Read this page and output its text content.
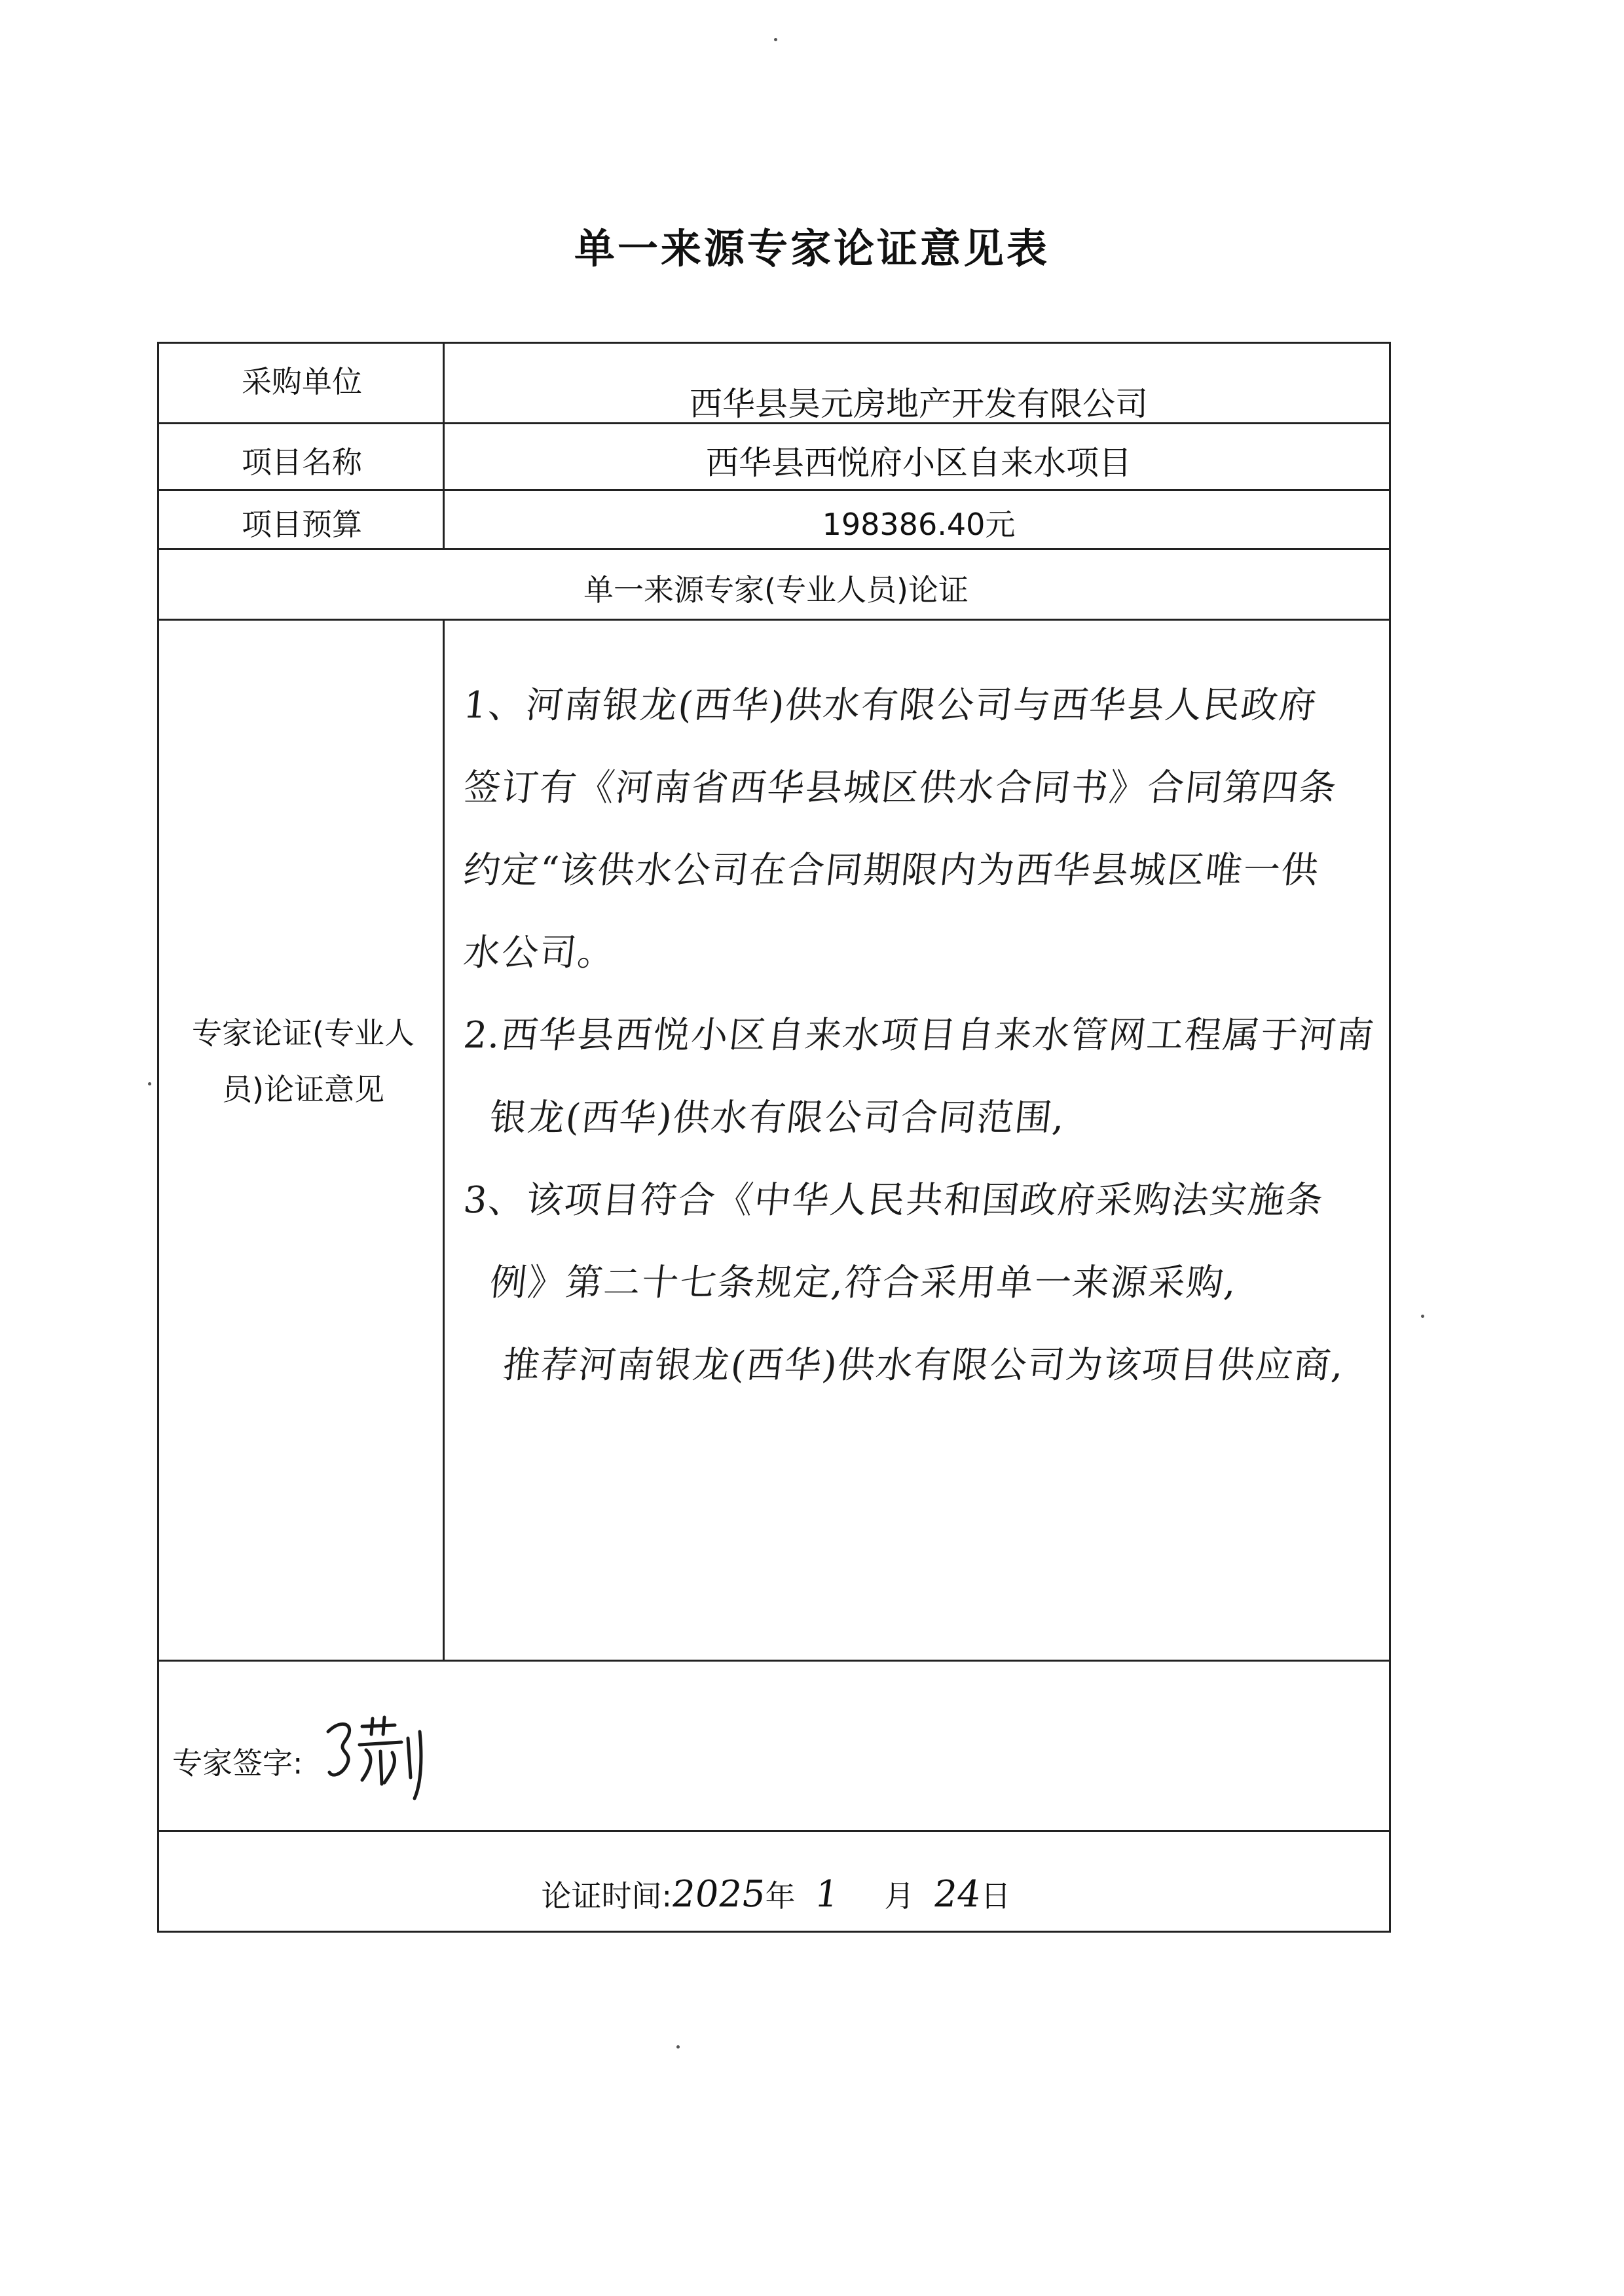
单一来源专家论证意见表
采购单位
西华县昊元房地产开发有限公司
项目名称	西华县西悦府小区自来水项目
项目预算	198386.40元
单一来源专家(专业人员)论证
专家论证(专业人员)论证意见
1、河南银龙(西华)供水有限公司与西华县人民政府
签订有《河南省西华县城区供水合同书》合同第四条
约定“该供水公司在合同期限内为西华县城区唯一供
水公司。
2.西华县西悦小区自来水项目自来水管网工程属于河南
银龙(西华)供水有限公司合同范围,
3、该项目符合《中华人民共和国政府采购法实施条
例》第二十七条规定,符合采用单一来源采购,
推荐河南银龙(西华)供水有限公司为该项目供应商,
专家签字:
论证时间:2025年 1 月 24日
